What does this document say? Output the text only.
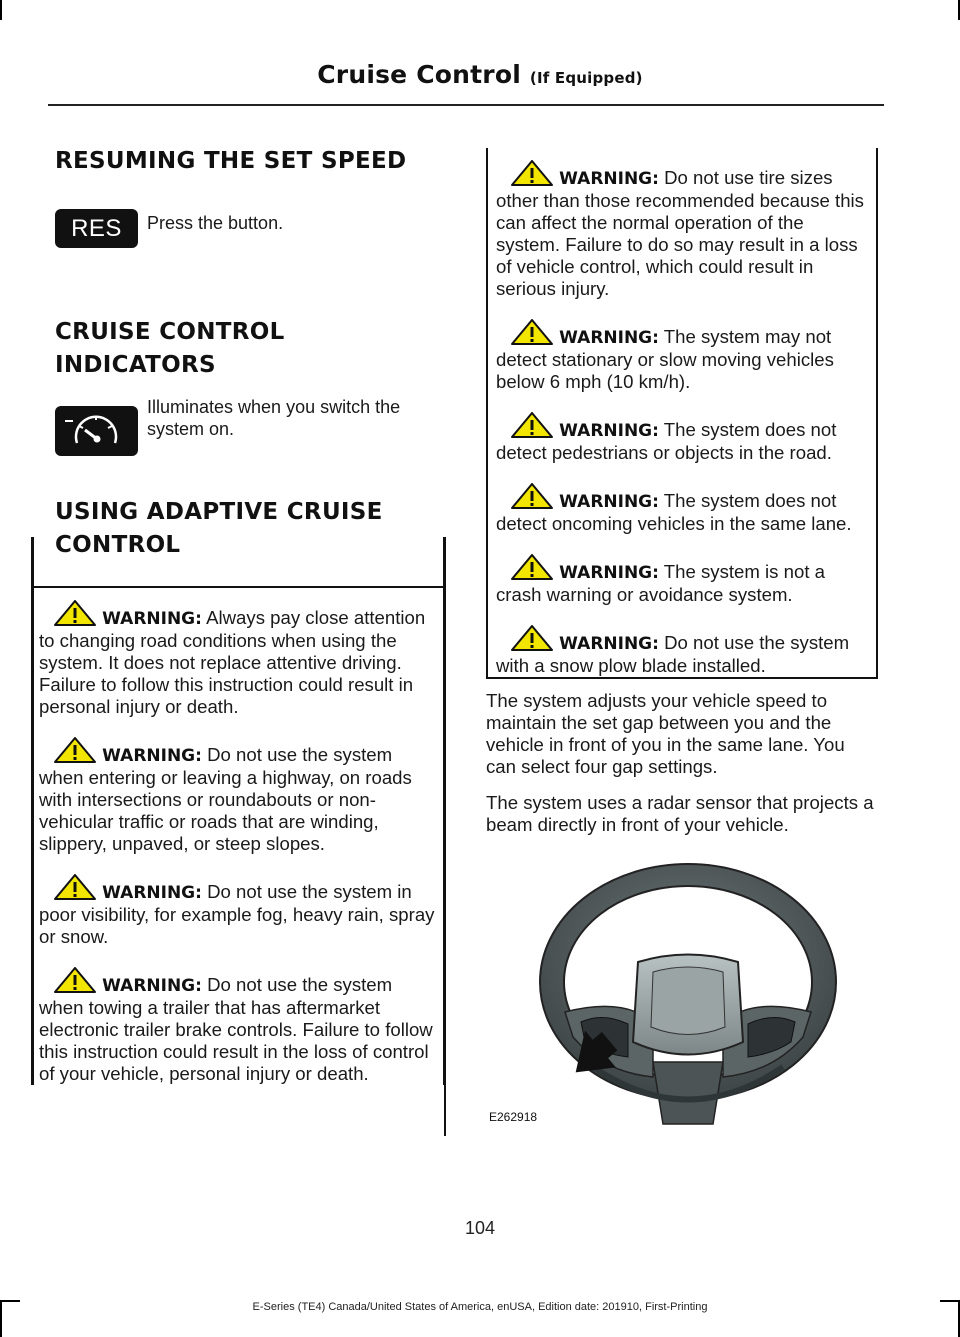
Cruise Control (If Equipped)
RESUMING THE SET SPEED
RES	Press the button.
CRUISE CONTROL
INDICATORS
Illuminates when you switch the system on.
USING ADAPTIVE CRUISE
CONTROL
WARNING: Always pay close attention to changing road conditions when using the system. It does not replace attentive driving. Failure to follow this instruction could result in personal injury or death.
WARNING: Do not use the system when entering or leaving a highway, on roads with intersections or roundabouts or non-vehicular traffic or roads that are winding, slippery, unpaved, or steep slopes.
WARNING: Do not use the system in poor visibility, for example fog, heavy rain, spray or snow.
WARNING: Do not use the system when towing a trailer that has aftermarket electronic trailer brake controls. Failure to follow this instruction could result in the loss of control of your vehicle, personal injury or death.
WARNING: Do not use tire sizes other than those recommended because this can affect the normal operation of the system. Failure to do so may result in a loss of vehicle control, which could result in serious injury.
WARNING: The system may not detect stationary or slow moving vehicles below 6 mph (10 km/h).
WARNING: The system does not detect pedestrians or objects in the road.
WARNING: The system does not detect oncoming vehicles in the same lane.
WARNING: The system is not a crash warning or avoidance system.
WARNING: Do not use the system with a snow plow blade installed.

The system adjusts your vehicle speed to maintain the set gap between you and the vehicle in front of you in the same lane. You can select four gap settings.

The system uses a radar sensor that projects a beam directly in front of your vehicle.

E262918
104
E-Series (TE4) Canada/United States of America, enUSA, Edition date: 201910, First-Printing
